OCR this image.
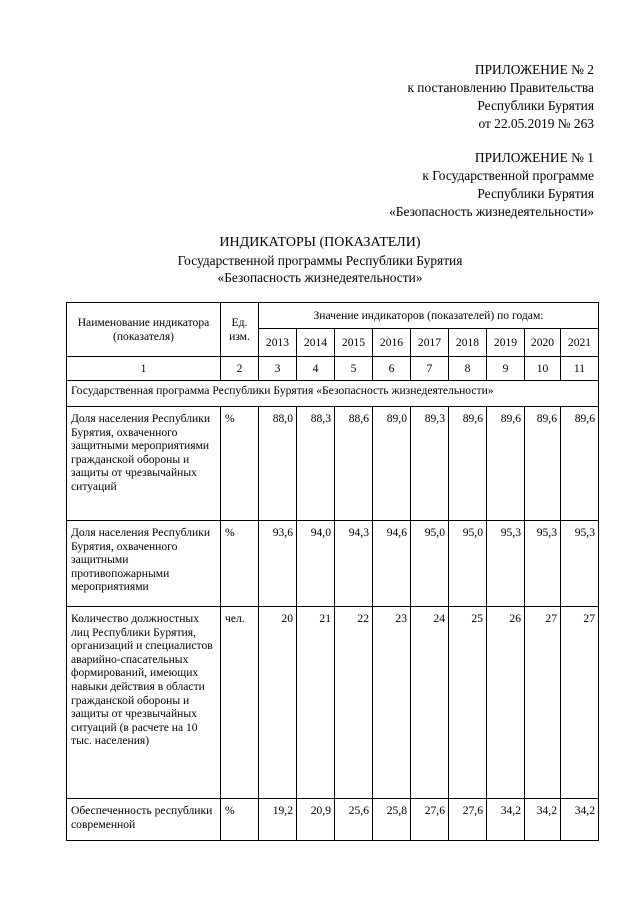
ПРИЛОЖЕНИЕ № 2
к постановлению Правительства
Республики Бурятия
от 22.05.2019 № 263
ПРИЛОЖЕНИЕ № 1
к Государственной программе
Республики Бурятия
«Безопасность жизнедеятельности»
ИНДИКАТОРЫ (ПОКАЗАТЕЛИ)
Государственной программы Республики Бурятия
«Безопасность жизнедеятельности»
Наименование индикатора (показателя)	Ед. изм.	Значение индикаторов (показателей) по годам:								
		2013	2014	2015	2016	2017	2018	2019	2020	2021
1	2	3	4	5	6	7	8	9	10	11
Государственная программа Республики Бурятия «Безопасность жизнедеятельности»										
Доля населения Республики Бурятия, охваченного защитными мероприятиями гражданской обороны и защиты от чрезвычайных ситуаций	%	88,0	88,3	88,6	89,0	89,3	89,6	89,6	89,6	89,6
Доля населения Республики Бурятия, охваченного защитными противопожарными мероприятиями	%	93,6	94,0	94,3	94,6	95,0	95,0	95,3	95,3	95,3
Количество должностных лиц Республики Бурятия, организаций и специалистов аварийно-спасательных формирований, имеющих навыки действия в области гражданской обороны и защиты от чрезвычайных ситуаций (в расчете на 10 тыс. населения)	чел.	20	21	22	23	24	25	26	27	27
Обеспеченность республики современной	%	19,2	20,9	25,6	25,8	27,6	27,6	34,2	34,2	34,2
